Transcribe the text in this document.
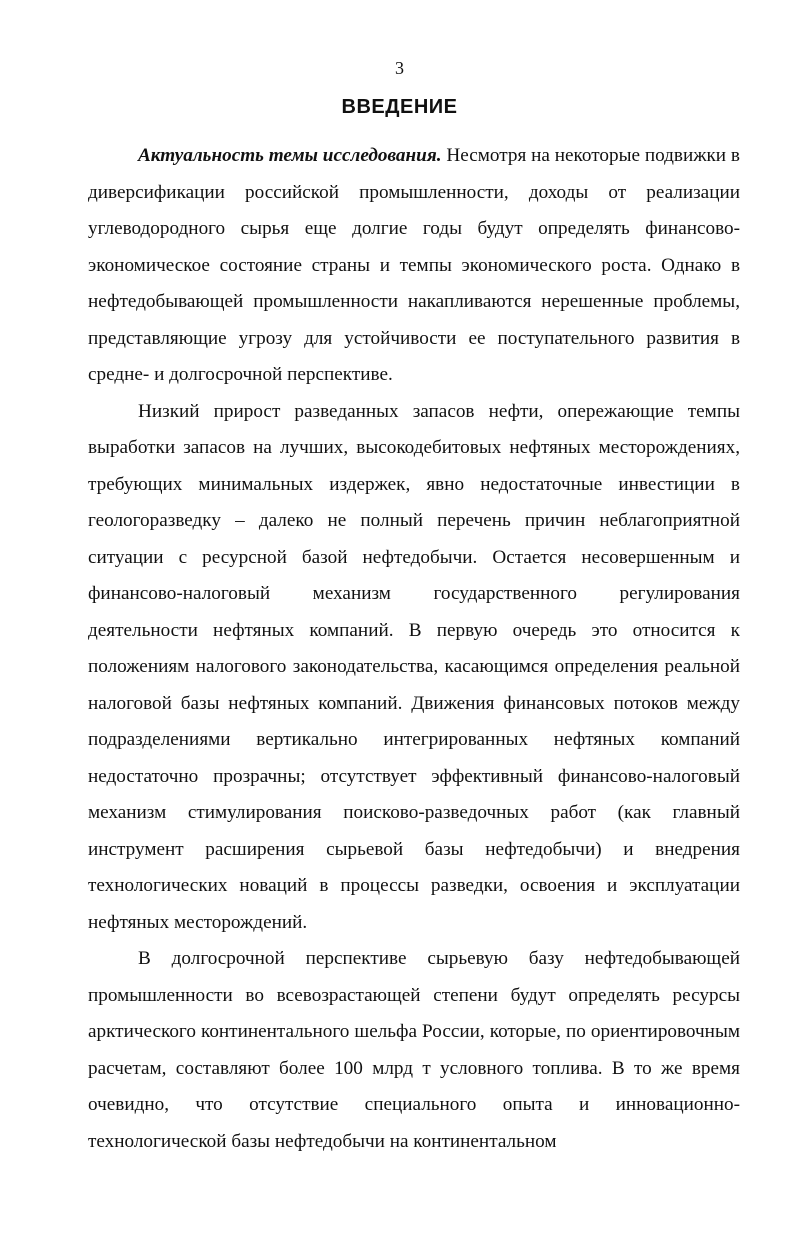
3
ВВЕДЕНИЕ

Актуальность темы исследования. Несмотря на некоторые подвижки в диверсификации российской промышленности, доходы от реализации углеводородного сырья еще долгие годы будут определять финансово-экономическое состояние страны и темпы экономического роста. Однако в нефтедобывающей промышленности накапливаются нерешенные проблемы, представляющие угрозу для устойчивости ее поступательного развития в средне- и долгосрочной перспективе.

Низкий прирост разведанных запасов нефти, опережающие темпы выработки запасов на лучших, высокодебитовых нефтяных месторождениях, требующих минимальных издержек, явно недостаточные инвестиции в геологоразведку – далеко не полный перечень причин неблагоприятной ситуации с ресурсной базой нефтедобычи. Остается несовершенным и финансово-налоговый механизм государственного регулирования деятельности нефтяных компаний. В первую очередь это относится к положениям налогового законодательства, касающимся определения реальной налоговой базы нефтяных компаний. Движения финансовых потоков между подразделениями вертикально интегрированных нефтяных компаний недостаточно прозрачны; отсутствует эффективный финансово-налоговый механизм стимулирования поисково-разведочных работ (как главный инструмент расширения сырьевой базы нефтедобычи) и внедрения технологических новаций в процессы разведки, освоения и эксплуатации нефтяных месторождений.

В долгосрочной перспективе сырьевую базу нефтедобывающей промышленности во всевозрастающей степени будут определять ресурсы арктического континентального шельфа России, которые, по ориентировочным расчетам, составляют более 100 млрд т условного топлива. В то же время очевидно, что отсутствие специального опыта и инновационно-технологической базы нефтедобычи на континентальном
